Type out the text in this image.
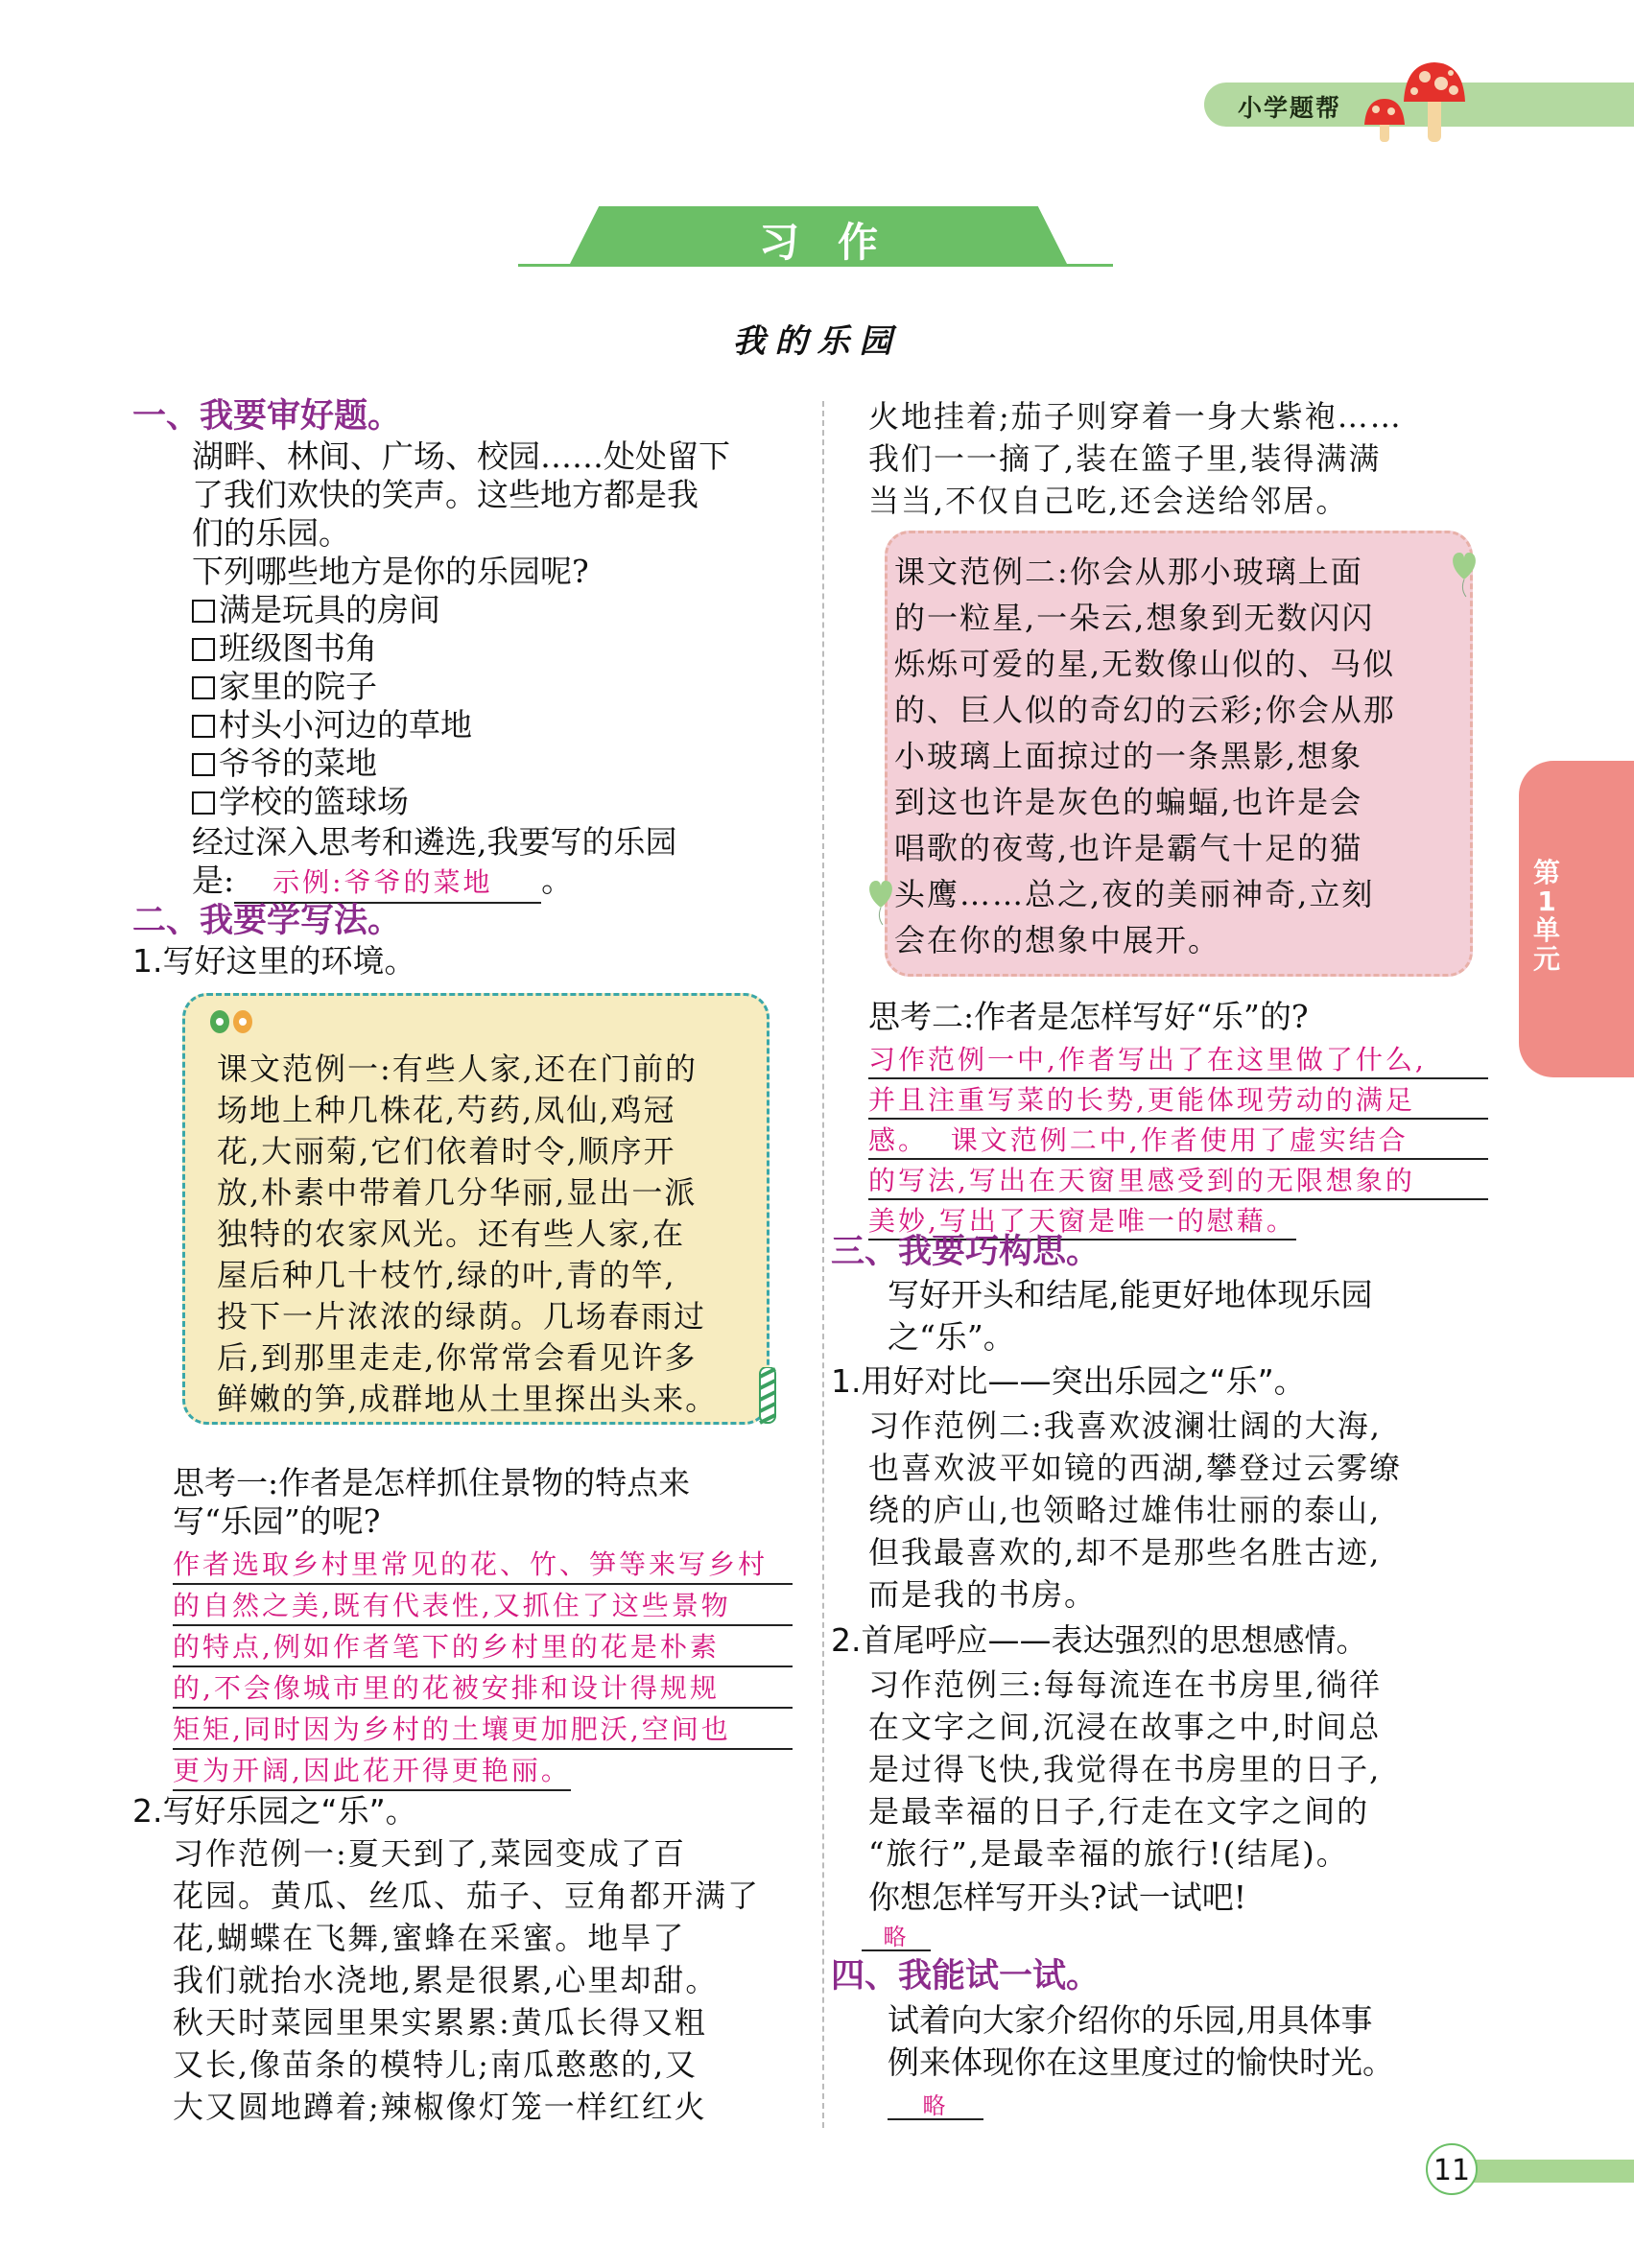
小学题帮
习作
我的乐园
一、我要审好题。
湖畔、林间、广场、校园……处处留下
了我们欢快的笑声。这些地方都是我
们的乐园。
下列哪些地方是你的乐园呢?
满是玩具的房间
班级图书角
家里的院子
村头小河边的草地
爷爷的菜地
学校的篮球场
经过深入思考和遴选,我要写的乐园
是: 示例:爷爷的菜地 。
二、我要学写法。
1.写好这里的环境。
课文范例一:有些人家,还在门前的
场地上种几株花,芍药,凤仙,鸡冠
花,大丽菊,它们依着时令,顺序开
放,朴素中带着几分华丽,显出一派
独特的农家风光。还有些人家,在
屋后种几十枝竹,绿的叶,青的竿,
投下一片浓浓的绿荫。几场春雨过
后,到那里走走,你常常会看见许多
鲜嫩的笋,成群地从土里探出头来。
思考一:作者是怎样抓住景物的特点来
写“乐园”的呢?
作者选取乡村里常见的花、竹、笋等来写乡村
的自然之美,既有代表性,又抓住了这些景物
的特点,例如作者笔下的乡村里的花是朴素
的,不会像城市里的花被安排和设计得规规
矩矩,同时因为乡村的土壤更加肥沃,空间也
更为开阔,因此花开得更艳丽。
2.写好乐园之“乐”。
习作范例一:夏天到了,菜园变成了百
花园。黄瓜、丝瓜、茄子、豆角都开满了
花,蝴蝶在飞舞,蜜蜂在采蜜。地旱了
我们就抬水浇地,累是很累,心里却甜。
秋天时菜园里果实累累:黄瓜长得又粗
又长,像苗条的模特儿;南瓜憨憨的,又
大又圆地蹲着;辣椒像灯笼一样红红火
火地挂着;茄子则穿着一身大紫袍……
我们一一摘了,装在篮子里,装得满满
当当,不仅自己吃,还会送给邻居。
课文范例二:你会从那小玻璃上面
的一粒星,一朵云,想象到无数闪闪
烁烁可爱的星,无数像山似的、马似
的、巨人似的奇幻的云彩;你会从那
小玻璃上面掠过的一条黑影,想象
到这也许是灰色的蝙蝠,也许是会
唱歌的夜莺,也许是霸气十足的猫
头鹰……总之,夜的美丽神奇,立刻
会在你的想象中展开。
思考二:作者是怎样写好“乐”的?
习作范例一中,作者写出了在这里做了什么,
并且注重写菜的长势,更能体现劳动的满足
感。  课文范例二中,作者使用了虚实结合
的写法,写出在天窗里感受到的无限想象的
美妙,写出了天窗是唯一的慰藉。
三、我要巧构思。
写好开头和结尾,能更好地体现乐园
之“乐”。
1.用好对比——突出乐园之“乐”。
习作范例二:我喜欢波澜壮阔的大海,
也喜欢波平如镜的西湖,攀登过云雾缭
绕的庐山,也领略过雄伟壮丽的泰山,
但我最喜欢的,却不是那些名胜古迹,
而是我的书房。
2.首尾呼应——表达强烈的思想感情。
习作范例三:每每流连在书房里,徜徉
在文字之间,沉浸在故事之中,时间总
是过得飞快,我觉得在书房里的日子,
是最幸福的日子,行走在文字之间的
“旅行”,是最幸福的旅行!(结尾)。
你想怎样写开头?试一试吧!
略
四、我能试一试。
试着向大家介绍你的乐园,用具体事
例来体现你在这里度过的愉快时光。
略
第
1
单
元
11
